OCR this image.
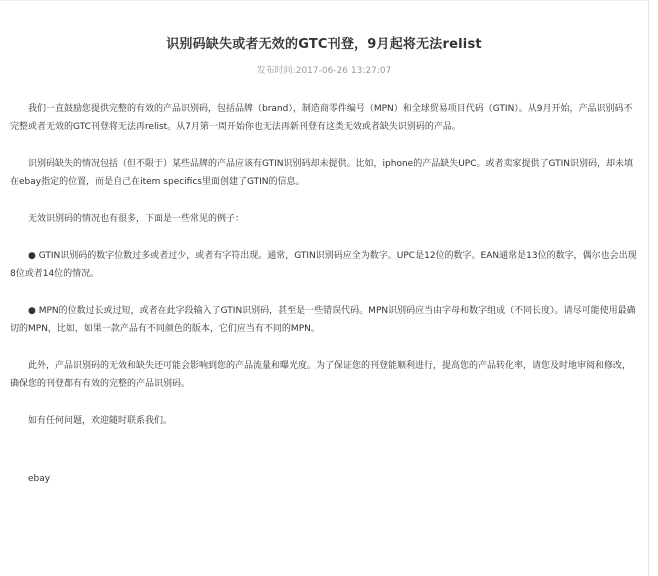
识别码缺失或者无效的GTC刊登，9月起将无法relist
发布时间:2017-06-26 13:27:07

我们一直鼓励您提供完整的有效的产品识别码，包括品牌（brand），制造商零件编号（MPN）和全球贸易项目代码（GTIN）。从9月开始，产品识别码不完整或者无效的GTC刊登将无法再relist。从7月第一周开始你也无法再新刊登有这类无效或者缺失识别码的产品。

识别码缺失的情况包括（但不限于）某些品牌的产品应该有GTIN识别码却未提供。比如，iphone的产品缺失UPC。或者卖家提供了GTIN识别码，却未填在ebay指定的位置，而是自己在item specifics里面创建了GTIN的信息。

无效识别码的情况也有很多，下面是一些常见的例子：

● GTIN识别码的数字位数过多或者过少，或者有字符出现。通常，GTIN识别码应全为数字。UPC是12位的数字。EAN通常是13位的数字，偶尔也会出现8位或者14位的情况。

● MPN的位数过长或过短，或者在此字段输入了GTIN识别码，甚至是一些错误代码。MPN识别码应当由字母和数字组成（不同长度）。请尽可能使用最确切的MPN，比如，如果一款产品有不同颜色的版本，它们应当有不同的MPN。

此外，产品识别码的无效和缺失还可能会影响到您的产品流量和曝光度。为了保证您的刊登能顺利进行，提高您的产品转化率，请您及时地审阅和修改，确保您的刊登都有有效的完整的产品识别码。

如有任何问题，欢迎随时联系我们。

ebay
